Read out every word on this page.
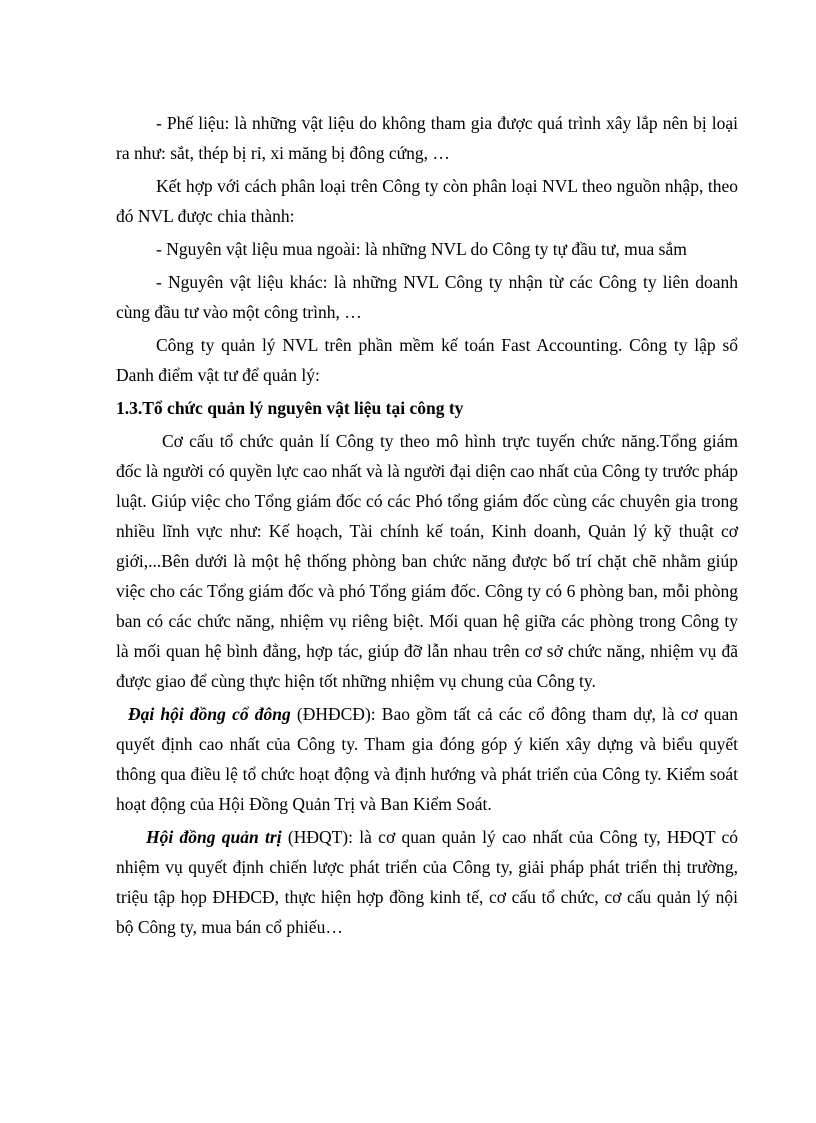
- Phế liệu: là những vật liệu do không tham gia được quá trình xây lắp nên bị loại ra như: sắt, thép bị rỉ, xi măng bị đông cứng, …

Kết hợp với cách phân loại trên Công ty còn phân loại NVL theo nguồn nhập, theo đó NVL được chia thành:

- Nguyên vật liệu mua ngoài: là những NVL do Công ty tự đầu tư, mua sắm

- Nguyên vật liệu khác: là những NVL Công ty nhận từ các Công ty liên doanh cùng đầu tư vào một công trình, …

Công ty quản lý NVL trên phần mềm kế toán Fast Accounting. Công ty lập sổ Danh điểm vật tư để quản lý:

1.3.Tổ chức quản lý nguyên vật liệu tại công ty

Cơ cấu tổ chức quản lí Công ty theo mô hình trực tuyến chức năng.Tổng giám đốc là người có quyền lực cao nhất và là người đại diện cao nhất của Công ty trước pháp luật. Giúp việc cho Tổng giám đốc có các Phó tổng giám đốc cùng các chuyên gia trong nhiều lĩnh vực như: Kế hoạch, Tài chính kế toán, Kinh doanh, Quản lý kỹ thuật cơ giới,...Bên dưới là một hệ thống phòng ban chức năng được bố trí chặt chẽ nhằm giúp việc cho các Tổng giám đốc và phó Tổng giám đốc. Công ty có 6 phòng ban, mỗi phòng ban có các chức năng, nhiệm vụ riêng biệt. Mối quan hệ giữa các phòng trong Công ty là mối quan hệ bình đẳng, hợp tác, giúp đỡ lẫn nhau trên cơ sở chức năng, nhiệm vụ đã được giao để cùng thực hiện tốt những nhiệm vụ chung của Công ty.

Đại hội đồng cổ đông (ĐHĐCĐ): Bao gồm tất cả các cổ đông tham dự, là cơ quan quyết định cao nhất của Công ty. Tham gia đóng góp ý kiến xây dựng và biểu quyết thông qua điều lệ tổ chức hoạt động và định hướng và phát triển của Công ty. Kiểm soát hoạt động của Hội Đồng Quản Trị và Ban Kiểm Soát.

Hội đồng quản trị (HĐQT): là cơ quan quản lý cao nhất của Công ty, HĐQT có nhiệm vụ quyết định chiến lược phát triển của Công ty, giải pháp phát triển thị trường, triệu tập họp ĐHĐCĐ, thực hiện hợp đồng kinh tế, cơ cấu tổ chức, cơ cấu quản lý nội bộ Công ty, mua bán cổ phiếu…
